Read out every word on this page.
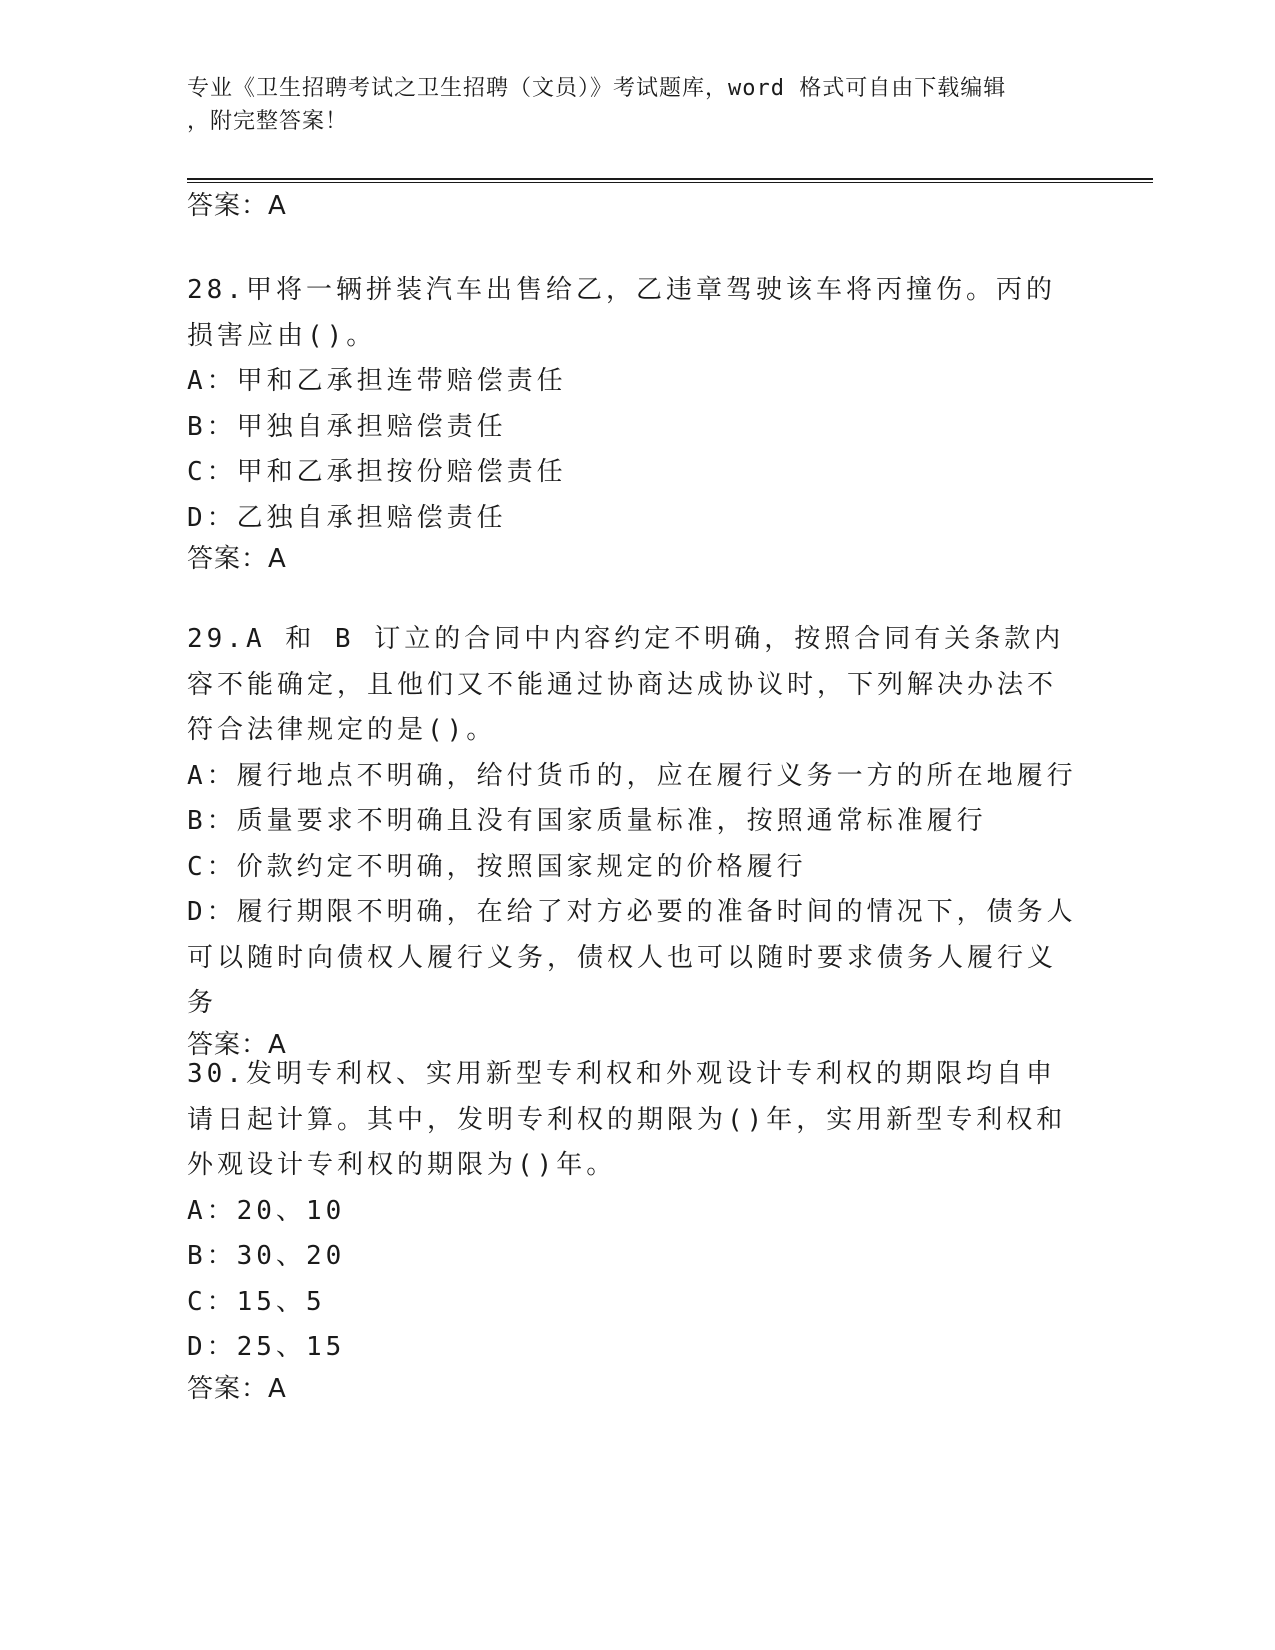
专业《卫生招聘考试之卫生招聘（文员）》考试题库，word 格式可自由下载编辑
，附完整答案！
答案：A

28.甲将一辆拼装汽车出售给乙，乙违章驾驶该车将丙撞伤。丙的损害应由()。

A：甲和乙承担连带赔偿责任
B：甲独自承担赔偿责任
C：甲和乙承担按份赔偿责任
D：乙独自承担赔偿责任
答案：A

29.A 和 B 订立的合同中内容约定不明确，按照合同有关条款内容不能确定，且他们又不能通过协商达成协议时，下列解决办法不符合法律规定的是()。

A：履行地点不明确，给付货币的，应在履行义务一方的所在地履行
B：质量要求不明确且没有国家质量标准，按照通常标准履行
C：价款约定不明确，按照国家规定的价格履行
D：履行期限不明确，在给了对方必要的准备时间的情况下，债务人可以随时向债权人履行义务，债权人也可以随时要求债务人履行义务
答案：A

30.发明专利权、实用新型专利权和外观设计专利权的期限均自申请日起计算。其中，发明专利权的期限为()年，实用新型专利权和外观设计专利权的期限为()年。

A：20、10
B：30、20
C：15、5
D：25、15
答案：A
